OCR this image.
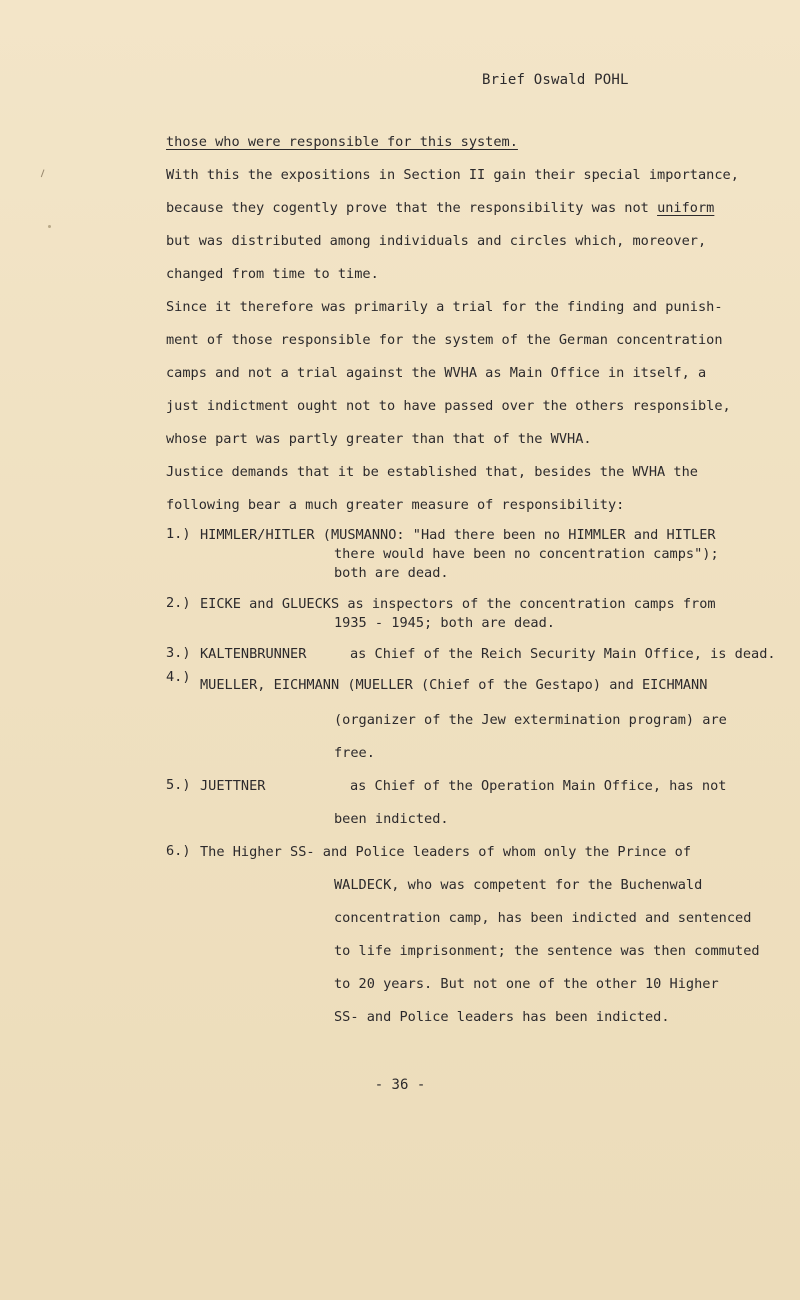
Brief Oswald POHL

those who were responsible for this system.

With this the expositions in Section II gain their special importance,

because they cogently prove that the responsibility was not uniform

but was distributed among individuals and circles which, moreover,

changed from time to time.

Since it therefore was primarily a trial for the finding and punish-

ment of those responsible for the system of the German concentration

camps and not a trial against the WVHA as Main Office in itself, a

just indictment ought not to have passed over the others responsible,

whose part was partly greater than that of the WVHA.

Justice demands that it be established that, besides the WVHA the

following bear a much greater measure of responsibility:

1.) HIMMLER/HITLER (MUSMANNO: "Had there been no HIMMLER and HITLER
there would have been no concentration camps");
both are dead.
2.) EICKE and GLUECKS as inspectors of the concentration camps from
1935 - 1945; both are dead.
3.) KALTENBRUNNER	as Chief of the Reich Security Main Office, is dead.
4.) MUELLER, EICHMANN (MUELLER (Chief of the Gestapo) and EICHMANN
(organizer of the Jew extermination program) are
free.
5.) JUETTNER	as Chief of the Operation Main Office, has not
been indicted.
6.) The Higher SS- and Police leaders of whom only the Prince of
WALDECK, who was competent for the Buchenwald
concentration camp, has been indicted and sentenced
to life imprisonment; the sentence was then commuted
to 20 years. But not one of the other 10 Higher
SS- and Police leaders has been indicted.
- 36 -
